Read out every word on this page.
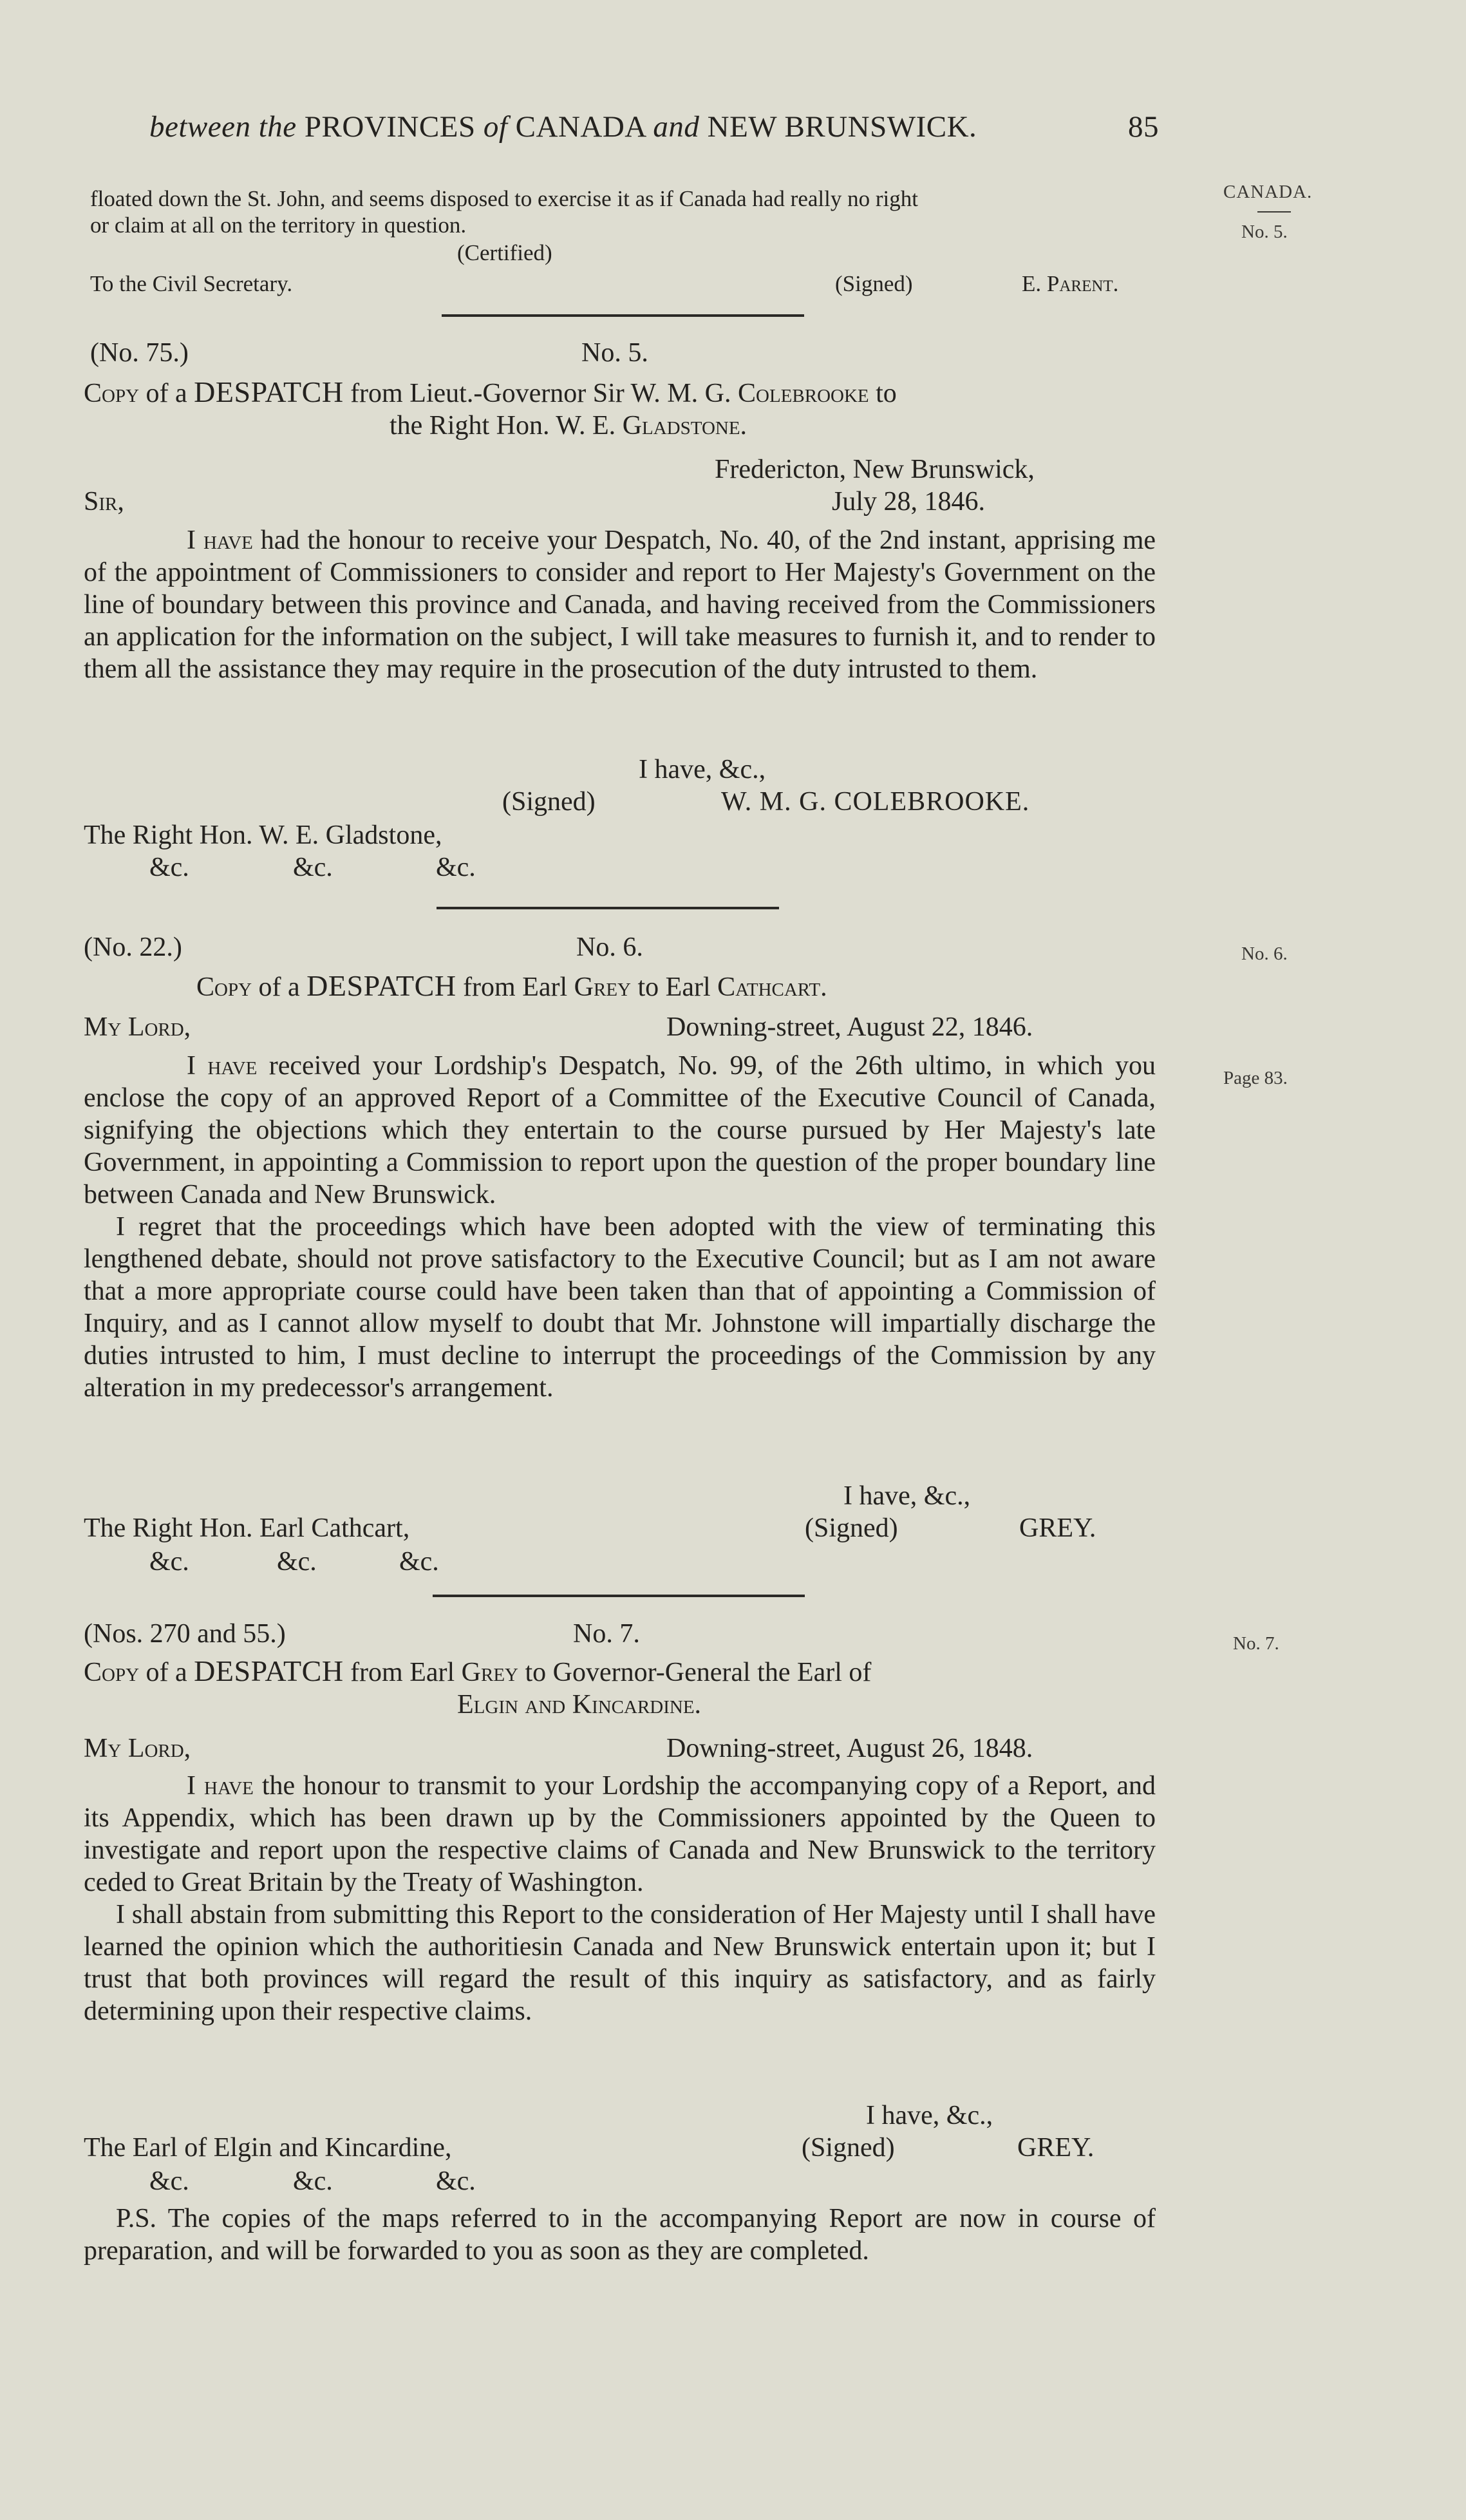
between the PROVINCES of CANADA and NEW BRUNSWICK.	85
CANADA.
No. 5.
No. 6.
Page 83.
No. 7.
floated down the St. John, and seems disposed to exercise it as if Canada had really no right
or claim at all on the territory in question.
(Certified)
To the Civil Secretary.	(Signed)	E. Parent.
(No. 75.)	No. 5.
Copy of a DESPATCH from Lieut.-Governor Sir W. M. G. Colebrooke to
the Right Hon. W. E. Gladstone.
Fredericton, New Brunswick,
Sir,	July 28, 1846.
I have had the honour to receive your Despatch, No. 40, of the 2nd instant, apprising me of the appointment of Commissioners to consider and report to Her Majesty's Government on the line of boundary between this province and Canada, and having received from the Commissioners an application for the information on the subject, I will take measures to furnish it, and to render to them all the assistance they may require in the prosecution of the duty intrusted to them.
I have, &c.,
(Signed)	W. M. G. COLEBROOKE.
The Right Hon. W. E. Gladstone,
&c.	&c.	&c.
(No. 22.)	No. 6.
Copy of a DESPATCH from Earl Grey to Earl Cathcart.
My Lord,	Downing-street, August 22, 1846.
I have received your Lordship's Despatch, No. 99, of the 26th ultimo, in which you enclose the copy of an approved Report of a Committee of the Executive Council of Canada, signifying the objections which they entertain to the course pursued by Her Majesty's late Government, in appointing a Commission to report upon the question of the proper boundary line between Canada and New Brunswick.
I regret that the proceedings which have been adopted with the view of terminating this lengthened debate, should not prove satisfactory to the Executive Council; but as I am not aware that a more appropriate course could have been taken than that of appointing a Commission of Inquiry, and as I cannot allow myself to doubt that Mr. Johnstone will impartially discharge the duties intrusted to him, I must decline to interrupt the proceedings of the Commission by any alteration in my predecessor's arrangement.
I have, &c.,
The Right Hon. Earl Cathcart,	(Signed)	GREY.
&c.	&c.	&c.
(Nos. 270 and 55.)	No. 7.
Copy of a DESPATCH from Earl Grey to Governor-General the Earl of
Elgin and Kincardine.
My Lord,	Downing-street, August 26, 1848.
I have the honour to transmit to your Lordship the accompanying copy of a Report, and its Appendix, which has been drawn up by the Commissioners appointed by the Queen to investigate and report upon the respective claims of Canada and New Brunswick to the territory ceded to Great Britain by the Treaty of Washington.
I shall abstain from submitting this Report to the consideration of Her Majesty until I shall have learned the opinion which the authoritiesin Canada and New Brunswick entertain upon it; but I trust that both provinces will regard the result of this inquiry as satisfactory, and as fairly determining upon their respective claims.
I have, &c.,
The Earl of Elgin and Kincardine,	(Signed)	GREY.
&c.	&c.	&c.
P.S. The copies of the maps referred to in the accompanying Report are now in course of preparation, and will be forwarded to you as soon as they are completed.
